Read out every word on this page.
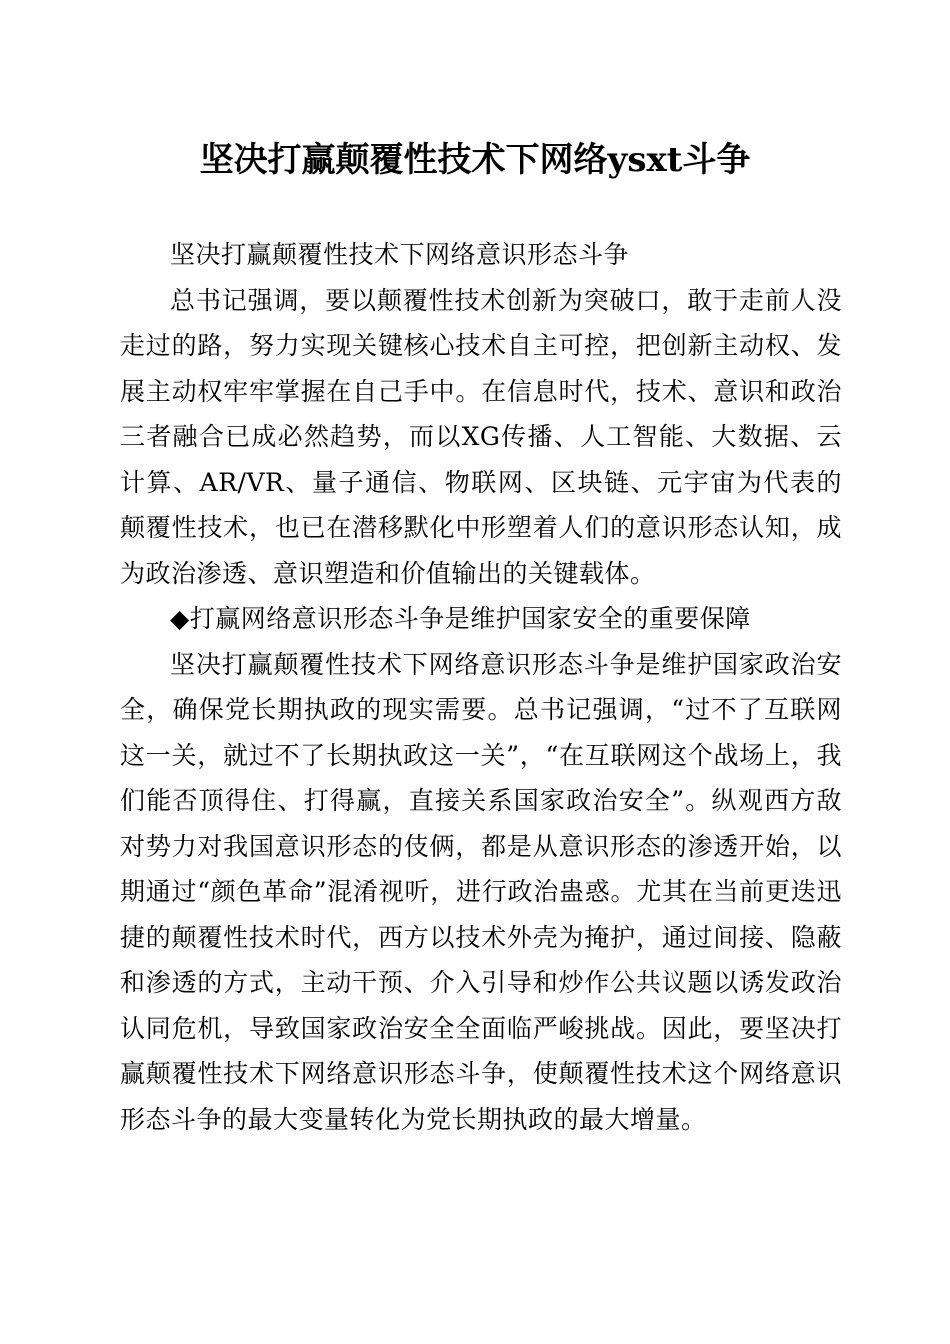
坚决打赢颠覆性技术下网络ysxt斗争

坚决打赢颠覆性技术下网络意识形态斗争

总书记强调，要以颠覆性技术创新为突破口，敢于走前人没走过的路，努力实现关键核心技术自主可控，把创新主动权、发展主动权牢牢掌握在自己手中。在信息时代，技术、意识和政治三者融合已成必然趋势，而以XG传播、人工智能、大数据、云计算、AR/VR、量子通信、物联网、区块链、元宇宙为代表的颠覆性技术，也已在潜移默化中形塑着人们的意识形态认知，成为政治渗透、意识塑造和价值输出的关键载体。

◆打赢网络意识形态斗争是维护国家安全的重要保障

坚决打赢颠覆性技术下网络意识形态斗争是维护国家政治安全，确保党长期执政的现实需要。总书记强调，“过不了互联网这一关，就过不了长期执政这一关”，“在互联网这个战场上，我们能否顶得住、打得赢，直接关系国家政治安全”。纵观西方敌对势力对我国意识形态的伎俩，都是从意识形态的渗透开始，以期通过“颜色革命”混淆视听，进行政治蛊惑。尤其在当前更迭迅捷的颠覆性技术时代，西方以技术外壳为掩护，通过间接、隐蔽和渗透的方式，主动干预、介入引导和炒作公共议题以诱发政治认同危机，导致国家政治安全全面临严峻挑战。因此，要坚决打赢颠覆性技术下网络意识形态斗争，使颠覆性技术这个网络意识形态斗争的最大变量转化为党长期执政的最大增量。
